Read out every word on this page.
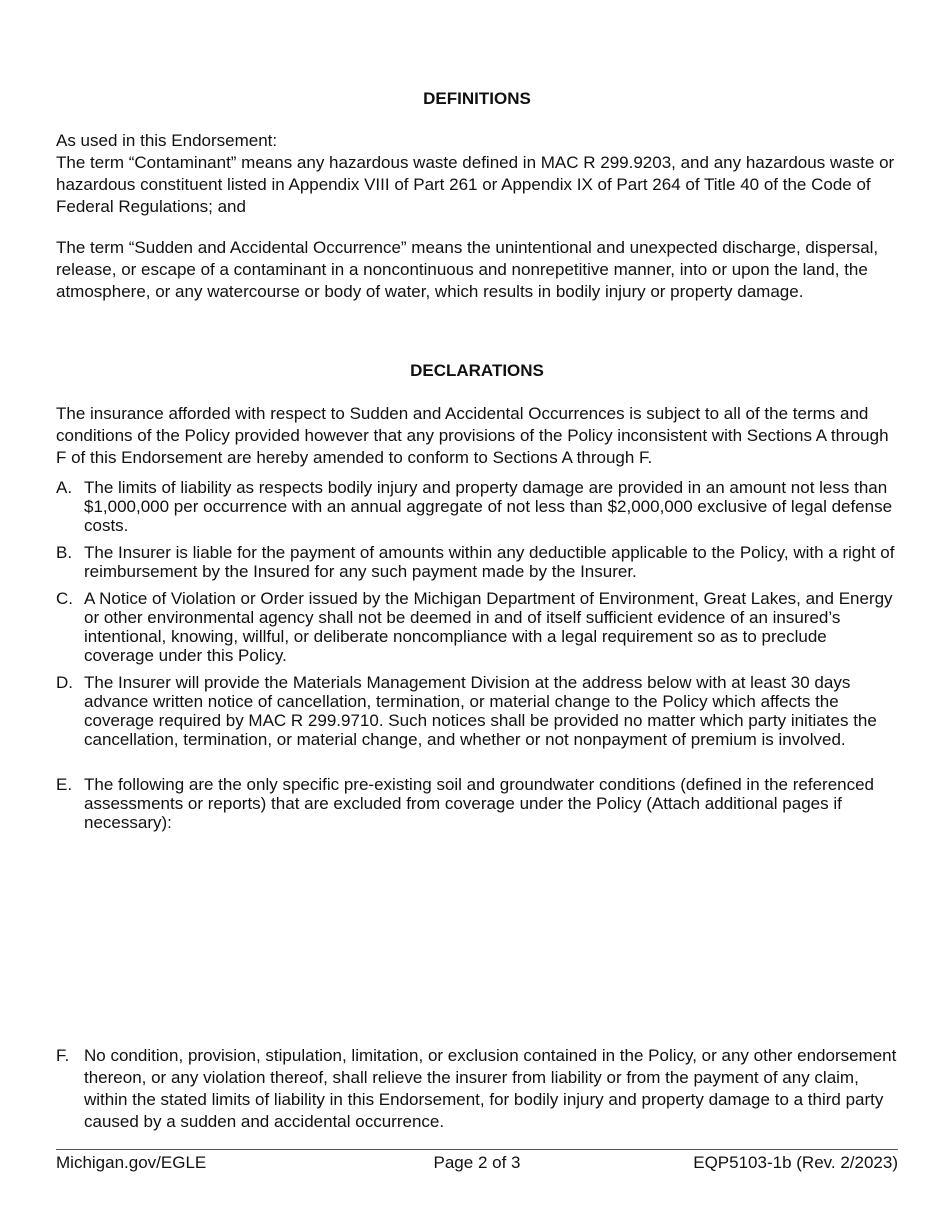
DEFINITIONS

As used in this Endorsement:

The term “Contaminant” means any hazardous waste defined in MAC R 299.9203, and any hazardous waste or hazardous constituent listed in Appendix VIII of Part 261 or Appendix IX of Part 264 of Title 40 of the Code of Federal Regulations; and

The term “Sudden and Accidental Occurrence” means the unintentional and unexpected discharge, dispersal, release, or escape of a contaminant in a noncontinuous and nonrepetitive manner, into or upon the land, the atmosphere, or any watercourse or body of water, which results in bodily injury or property damage.

DECLARATIONS

The insurance afforded with respect to Sudden and Accidental Occurrences is subject to all of the terms and conditions of the Policy provided however that any provisions of the Policy inconsistent with Sections A through F of this Endorsement are hereby amended to conform to Sections A through F.

A. The limits of liability as respects bodily injury and property damage are provided in an amount not less than $1,000,000 per occurrence with an annual aggregate of not less than $2,000,000 exclusive of legal defense costs.
B. The Insurer is liable for the payment of amounts within any deductible applicable to the Policy, with a right of reimbursement by the Insured for any such payment made by the Insurer.
C. A Notice of Violation or Order issued by the Michigan Department of Environment, Great Lakes, and Energy or other environmental agency shall not be deemed in and of itself sufficient evidence of an insured’s intentional, knowing, willful, or deliberate noncompliance with a legal requirement so as to preclude coverage under this Policy.
D. The Insurer will provide the Materials Management Division at the address below with at least 30 days advance written notice of cancellation, termination, or material change to the Policy which affects the coverage required by MAC R 299.9710. Such notices shall be provided no matter which party initiates the cancellation, termination, or material change, and whether or not nonpayment of premium is involved.
E. The following are the only specific pre-existing soil and groundwater conditions (defined in the referenced assessments or reports) that are excluded from coverage under the Policy (Attach additional pages if necessary):
F. No condition, provision, stipulation, limitation, or exclusion contained in the Policy, or any other endorsement thereon, or any violation thereof, shall relieve the insurer from liability or from the payment of any claim, within the stated limits of liability in this Endorsement, for bodily injury and property damage to a third party caused by a sudden and accidental occurrence.
Michigan.gov/EGLE	Page 2 of 3	EQP5103-1b (Rev. 2/2023)
